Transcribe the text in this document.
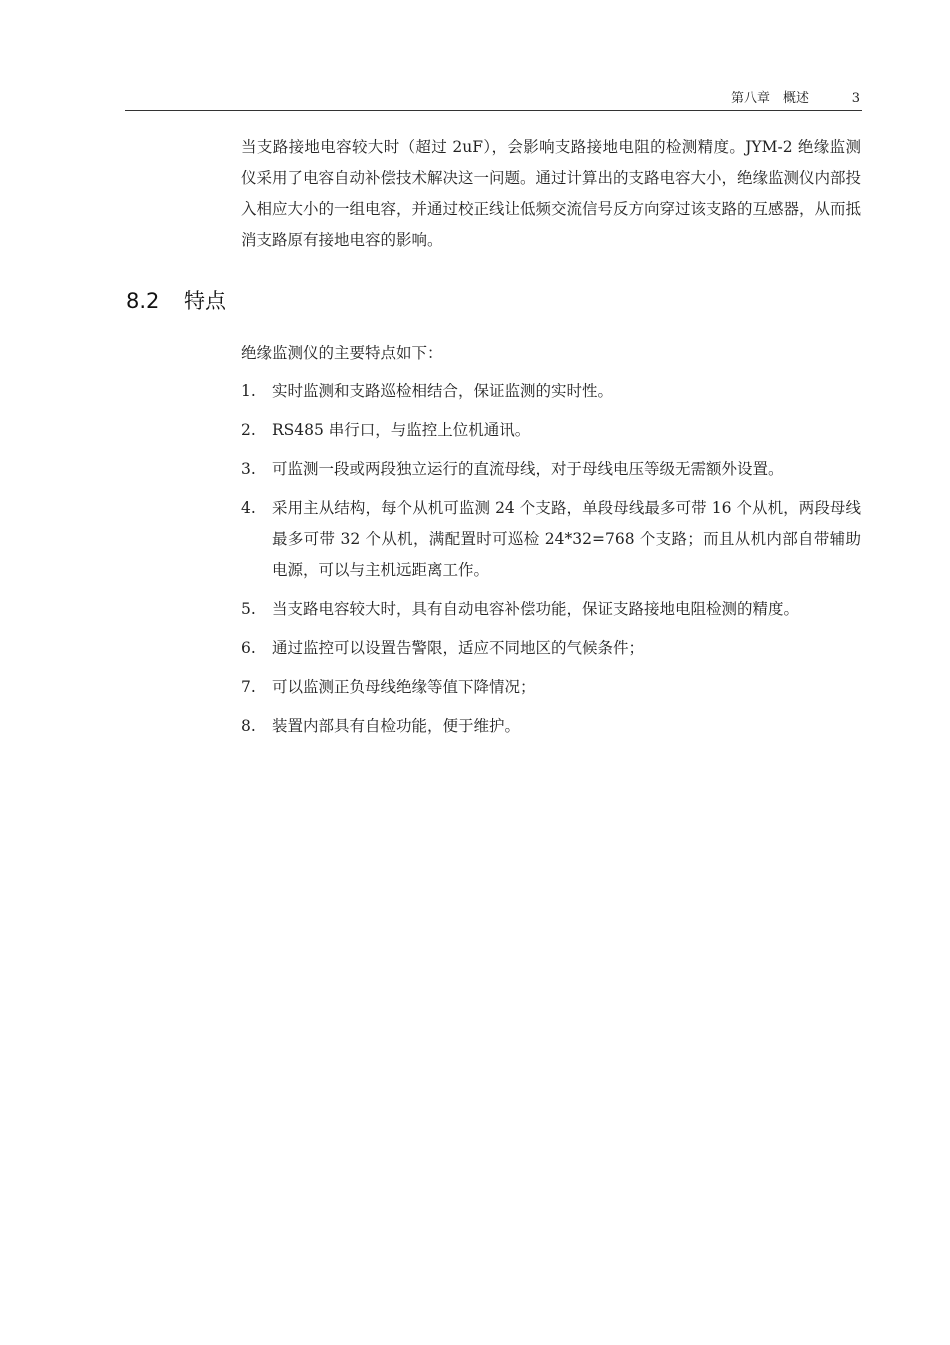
第八章　概述	3

当支路接地电容较大时（超过 2uF），会影响支路接地电阻的检测精度。JYM-2 绝缘监测仪采用了电容自动补偿技术解决这一问题。通过计算出的支路电容大小，绝缘监测仪内部投入相应大小的一组电容，并通过校正线让低频交流信号反方向穿过该支路的互感器，从而抵消支路原有接地电容的影响。

8.2 特点

绝缘监测仪的主要特点如下：

1. 实时监测和支路巡检相结合，保证监测的实时性。
2. RS485 串行口，与监控上位机通讯。
3. 可监测一段或两段独立运行的直流母线，对于母线电压等级无需额外设置。
4. 采用主从结构，每个从机可监测 24 个支路，单段母线最多可带 16 个从机，两段母线最多可带 32 个从机，满配置时可巡检 24*32=768 个支路；而且从机内部自带辅助电源，可以与主机远距离工作。
5. 当支路电容较大时，具有自动电容补偿功能，保证支路接地电阻检测的精度。
6. 通过监控可以设置告警限，适应不同地区的气候条件；
7. 可以监测正负母线绝缘等值下降情况；
8. 装置内部具有自检功能，便于维护。
